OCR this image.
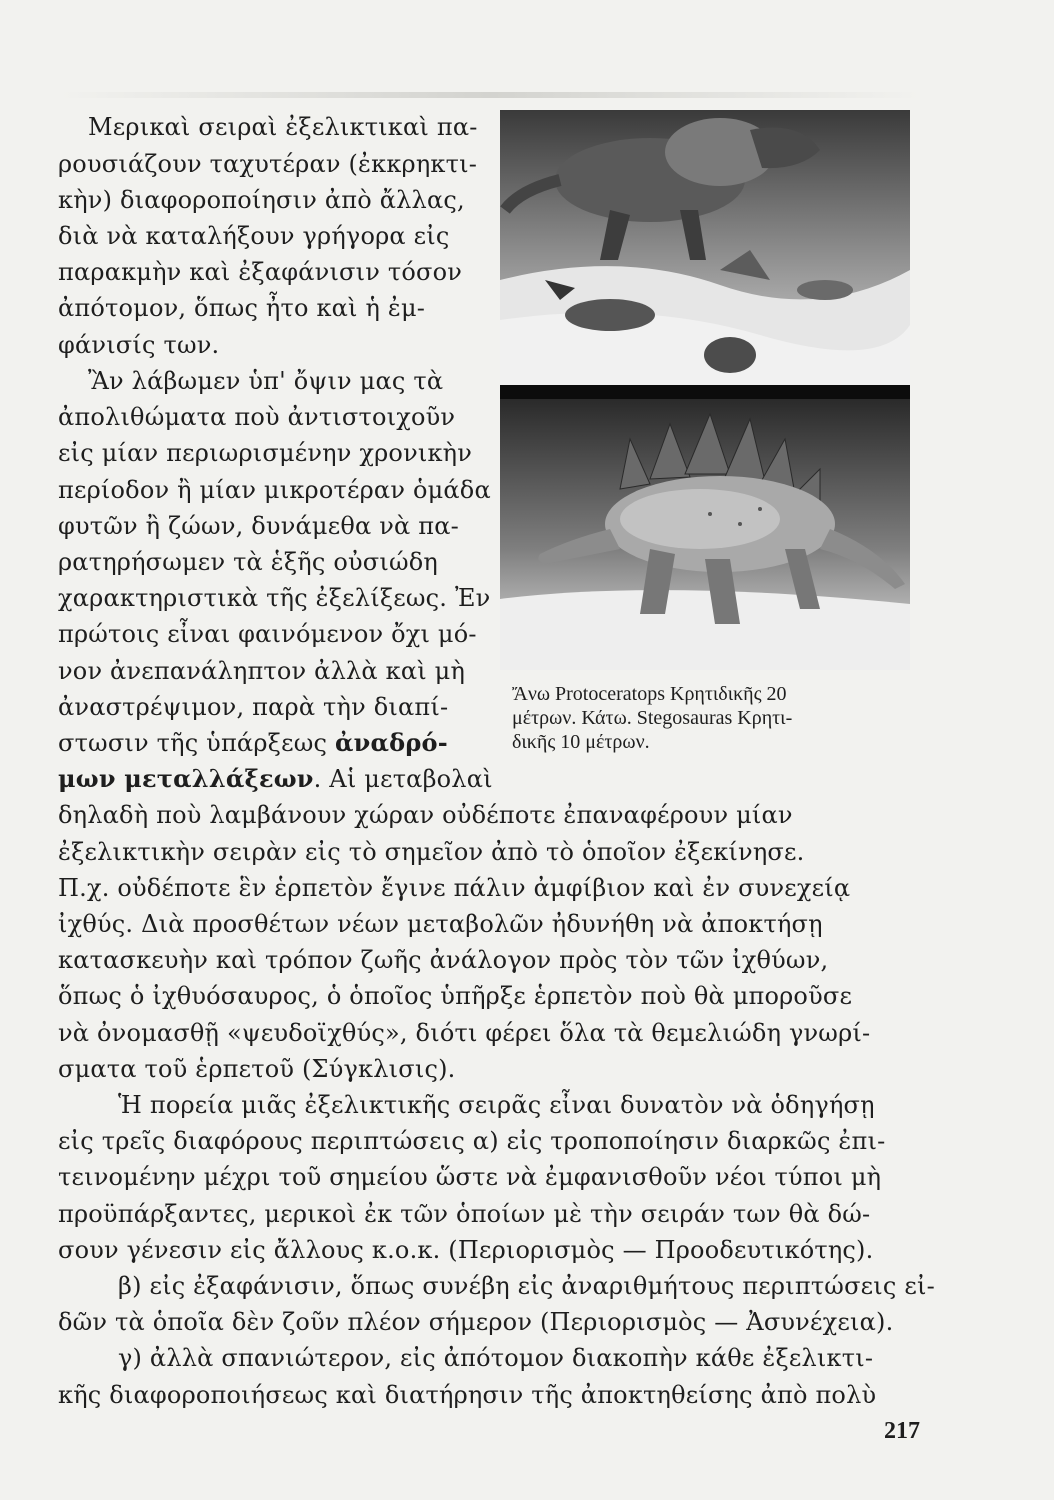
Μερικαὶ σειραὶ ἐξελικτικαὶ πα-
ρουσιάζουν ταχυτέραν (ἐκκρηκτι-
κὴν) διαφοροποίησιν ἀπὸ ἄλλας,
διὰ νὰ καταλήξουν γρήγορα εἰς
παρακμὴν καὶ ἐξαφάνισιν τόσον
ἀπότομον, ὅπως ἦτο καὶ ἡ ἐμ-
φάνισίς των.
Ἂν λάβωμεν ὑπ' ὄψιν μας τὰ
ἀπολιθώματα ποὺ ἀντιστοιχοῦν
εἰς μίαν περιωρισμένην χρονικὴν
περίοδον ἢ μίαν μικροτέραν ὁμάδα
φυτῶν ἢ ζώων, δυνάμεθα νὰ πα-
ρατηρήσωμεν τὰ ἑξῆς οὐσιώδη
χαρακτηριστικὰ τῆς ἐξελίξεως. Ἐν
πρώτοις εἶναι φαινόμενον ὄχι μό-
νον ἀνεπανάληπτον ἀλλὰ καὶ μὴ
ἀναστρέψιμον, παρὰ τὴν διαπί-
στωσιν τῆς ὑπάρξεως ἀναδρό-
μων μεταλλάξεων. Αἱ μεταβολαὶ
δηλαδὴ ποὺ λαμβάνουν χώραν οὐδέποτε ἐπαναφέρουν μίαν
ἐξελικτικὴν σειρὰν εἰς τὸ σημεῖον ἀπὸ τὸ ὁποῖον ἐξεκίνησε.
Π.χ. οὐδέποτε ἓν ἑρπετὸν ἔγινε πάλιν ἀμφίβιον καὶ ἐν συνεχείᾳ
ἰχθύς. Διὰ προσθέτων νέων μεταβολῶν ἠδυνήθη νὰ ἀποκτήσῃ
κατασκευὴν καὶ τρόπον ζωῆς ἀνάλογον πρὸς τὸν τῶν ἰχθύων,
ὅπως ὁ ἰχθυόσαυρος, ὁ ὁποῖος ὑπῆρξε ἑρπετὸν ποὺ θὰ μποροῦσε
νὰ ὀνομασθῇ «ψευδοϊχθύς», διότι φέρει ὅλα τὰ θεμελιώδη γνωρί-
σματα τοῦ ἑρπετοῦ (Σύγκλισις).
Ἡ πορεία μιᾶς ἐξελικτικῆς σειρᾶς εἶναι δυνατὸν νὰ ὁδηγήσῃ
εἰς τρεῖς διαφόρους περιπτώσεις α) εἰς τροποποίησιν διαρκῶς ἐπι-
τεινομένην μέχρι τοῦ σημείου ὥστε νὰ ἐμφανισθοῦν νέοι τύποι μὴ
προϋπάρξαντες, μερικοὶ ἐκ τῶν ὁποίων μὲ τὴν σειράν των θὰ δώ-
σουν γένεσιν εἰς ἄλλους κ.ο.κ. (Περιορισμὸς — Προοδευτικότης).
β) εἰς ἐξαφάνισιν, ὅπως συνέβη εἰς ἀναριθμήτους περιπτώσεις εἰ-
δῶν τὰ ὁποῖα δὲν ζοῦν πλέον σήμερον (Περιορισμὸς — Ἀσυνέχεια).
γ) ἀλλὰ σπανιώτερον, εἰς ἀπότομον διακοπὴν κάθε ἐξελικτι-
κῆς διαφοροποιήσεως καὶ διατήρησιν τῆς ἀποκτηθείσης ἀπὸ πολὺ
Ἄνω Protoceratops Κρητιδικῆς 20
μέτρων. Κάτω. Stegosauras Κρητι-
δικῆς 10 μέτρων.
217
